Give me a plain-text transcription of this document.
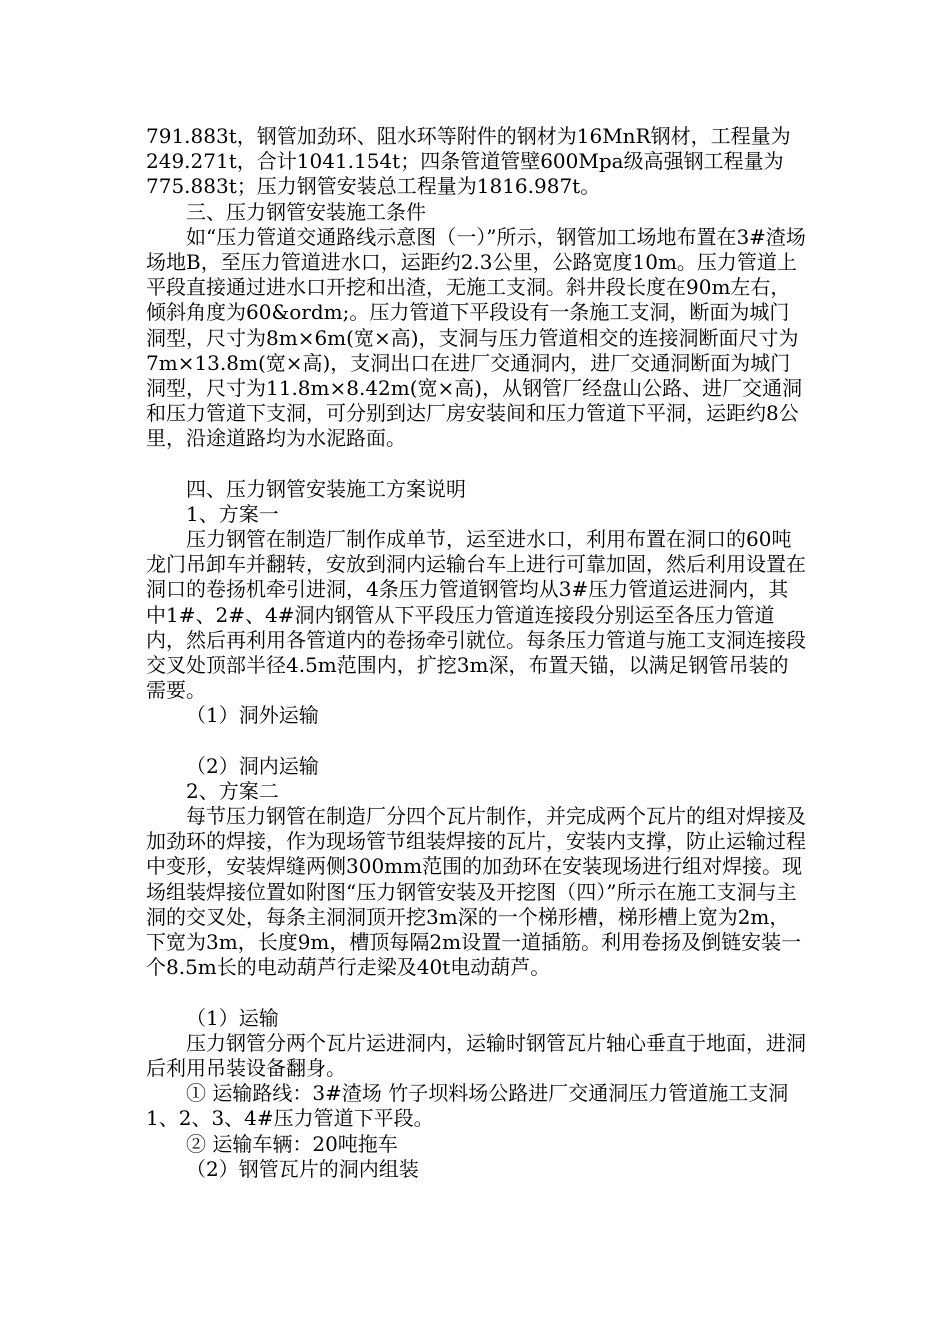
791.883t，钢管加劲环、阻水环等附件的钢材为16MnR钢材，工程量为249.271t，合计1041.154t；四条管道管壁600Mpa级高强钢工程量为775.883t；压力钢管安装总工程量为1816.987t。

三、压力钢管安装施工条件

如“压力管道交通路线示意图（一）”所示，钢管加工场地布置在3#渣场场地B，至压力管道进水口，运距约2.3公里，公路宽度10m。压力管道上平段直接通过进水口开挖和出渣，无施工支洞。斜井段长度在90m左右，倾斜角度为60&ordm;。压力管道下平段设有一条施工支洞，断面为城门洞型，尺寸为8m×6m(宽×高)，支洞与压力管道相交的连接洞断面尺寸为7m×13.8m(宽×高)，支洞出口在进厂交通洞内，进厂交通洞断面为城门洞型，尺寸为11.8m×8.42m(宽×高)，从钢管厂经盘山公路、进厂交通洞和压力管道下支洞，可分别到达厂房安装间和压力管道下平洞，运距约8公里，沿途道路均为水泥路面。

四、压力钢管安装施工方案说明

1、方案一

压力钢管在制造厂制作成单节，运至进水口，利用布置在洞口的60吨龙门吊卸车并翻转，安放到洞内运输台车上进行可靠加固，然后利用设置在洞口的卷扬机牵引进洞，4条压力管道钢管均从3#压力管道运进洞内，其中1#、2#、4#洞内钢管从下平段压力管道连接段分别运至各压力管道内，然后再利用各管道内的卷扬牵引就位。每条压力管道与施工支洞连接段交叉处顶部半径4.5m范围内，扩挖3m深，布置天锚，以满足钢管吊装的需要。

（1）洞外运输

（2）洞内运输

2、方案二

每节压力钢管在制造厂分四个瓦片制作，并完成两个瓦片的组对焊接及加劲环的焊接，作为现场管节组装焊接的瓦片，安装内支撑，防止运输过程中变形，安装焊缝两侧300mm范围的加劲环在安装现场进行组对焊接。现场组装焊接位置如附图“压力钢管安装及开挖图（四）”所示在施工支洞与主洞的交叉处，每条主洞洞顶开挖3m深的一个梯形槽，梯形槽上宽为2m，下宽为3m，长度9m，槽顶每隔2m设置一道插筋。利用卷扬及倒链安装一个8.5m长的电动葫芦行走梁及40t电动葫芦。

（1）运输

压力钢管分两个瓦片运进洞内，运输时钢管瓦片轴心垂直于地面，进洞后利用吊装设备翻身。

① 运输路线：3#渣场 竹子坝料场公路进厂交通洞压力管道施工支洞1、2、3、4#压力管道下平段。

② 运输车辆：20吨拖车

（2）钢管瓦片的洞内组装
